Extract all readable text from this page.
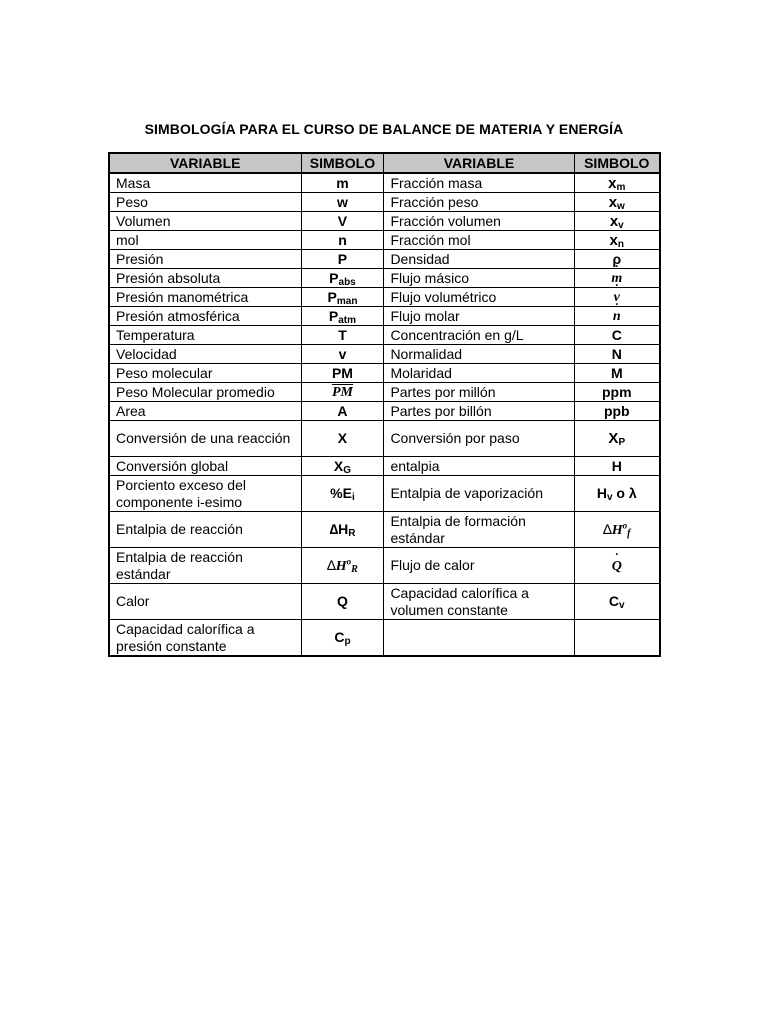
SIMBOLOGÍA PARA EL CURSO DE BALANCE DE MATERIA Y ENERGÍA
VARIABLE	SIMBOLO	VARIABLE	SIMBOLO
Masa	m	Fracción masa	$x_m$
Peso	w	Fracción peso	$x_w$
Volumen	V	Fracción volumen	$x_v$
mol	n	Fracción mol	$x_n$
Presión	P	Densidad	ρ
Presión absoluta	$P_{abs}$	Flujo másico	˙ m
Presión manométrica	$P_{man}$	Flujo volumétrico	˙ v
Presión atmosférica	$P_{atm}$	Flujo molar	˙ n
Temperatura	T	Concentración en g/L	C
Velocidad	v	Normalidad	N
Peso molecular	PM	Molaridad	M
Peso Molecular promedio	$\overline{PM}$	Partes por millón	ppm
Area	A	Partes por billón	ppb
Conversión de una reacción	X	Conversión por paso	$X_P$
Conversión global	$X_G$	entalpia	H
Porciento exceso del componente i-esimo	$\%E_i$	Entalpia de vaporización	$H_v$ o λ
Entalpia de reacción	$\Delta H_R$	Entalpia de formación estándar	$\Delta H^o_f$
Entalpia de reacción estándar	$\Delta H^o_R$	Flujo de calor	˙ Q
Calor	Q	Capacidad calorífica a volumen constante	$C_v$
Capacidad calorífica a presión constante	$C_p$		
